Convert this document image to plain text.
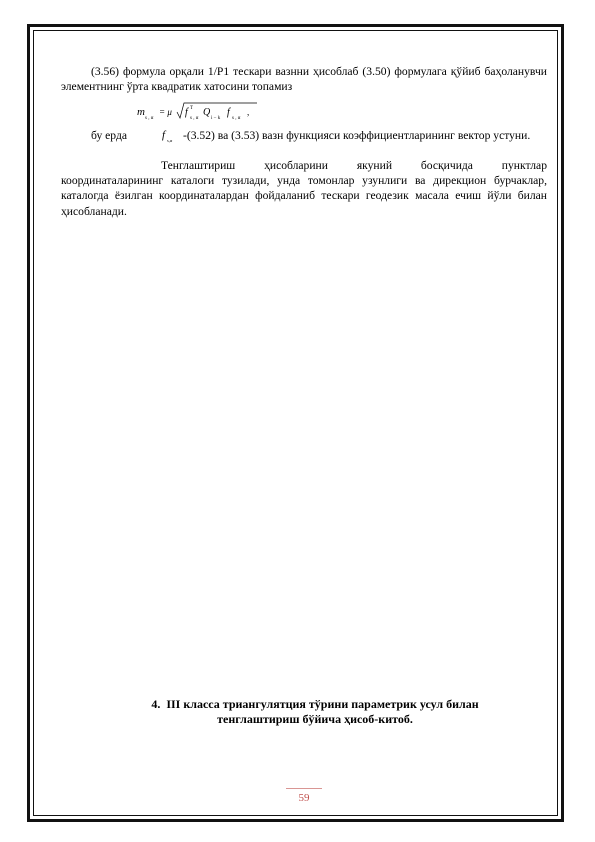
(3.56) формула орқали 1/P1 тескари вазнни ҳисоблаб (3.50) формулага қўйиб баҳоланувчи элементнинг ўрта квадратик хатосини топамиз
m
s , α
= μ f T
s , α
Q
i − k
f
s , α
,
бу ерда	f s,α -(3.52) ва (3.53) вазн функцияси коэффициентларининг вектор устуни.
Тенглаштириш ҳисобларини якуний босқичида пунктлар координаталарининг каталоги тузилади, унда томонлар узунлиги ва дирекцион бурчаклар, каталогда ёзилган координаталардан фойдаланиб тескари геодезик масала ечиш йўли билан ҳисобланади.
4. III класса триангулятция тўрини параметрик усул билан
тенглаштириш бўйича ҳисоб-китоб.
59
